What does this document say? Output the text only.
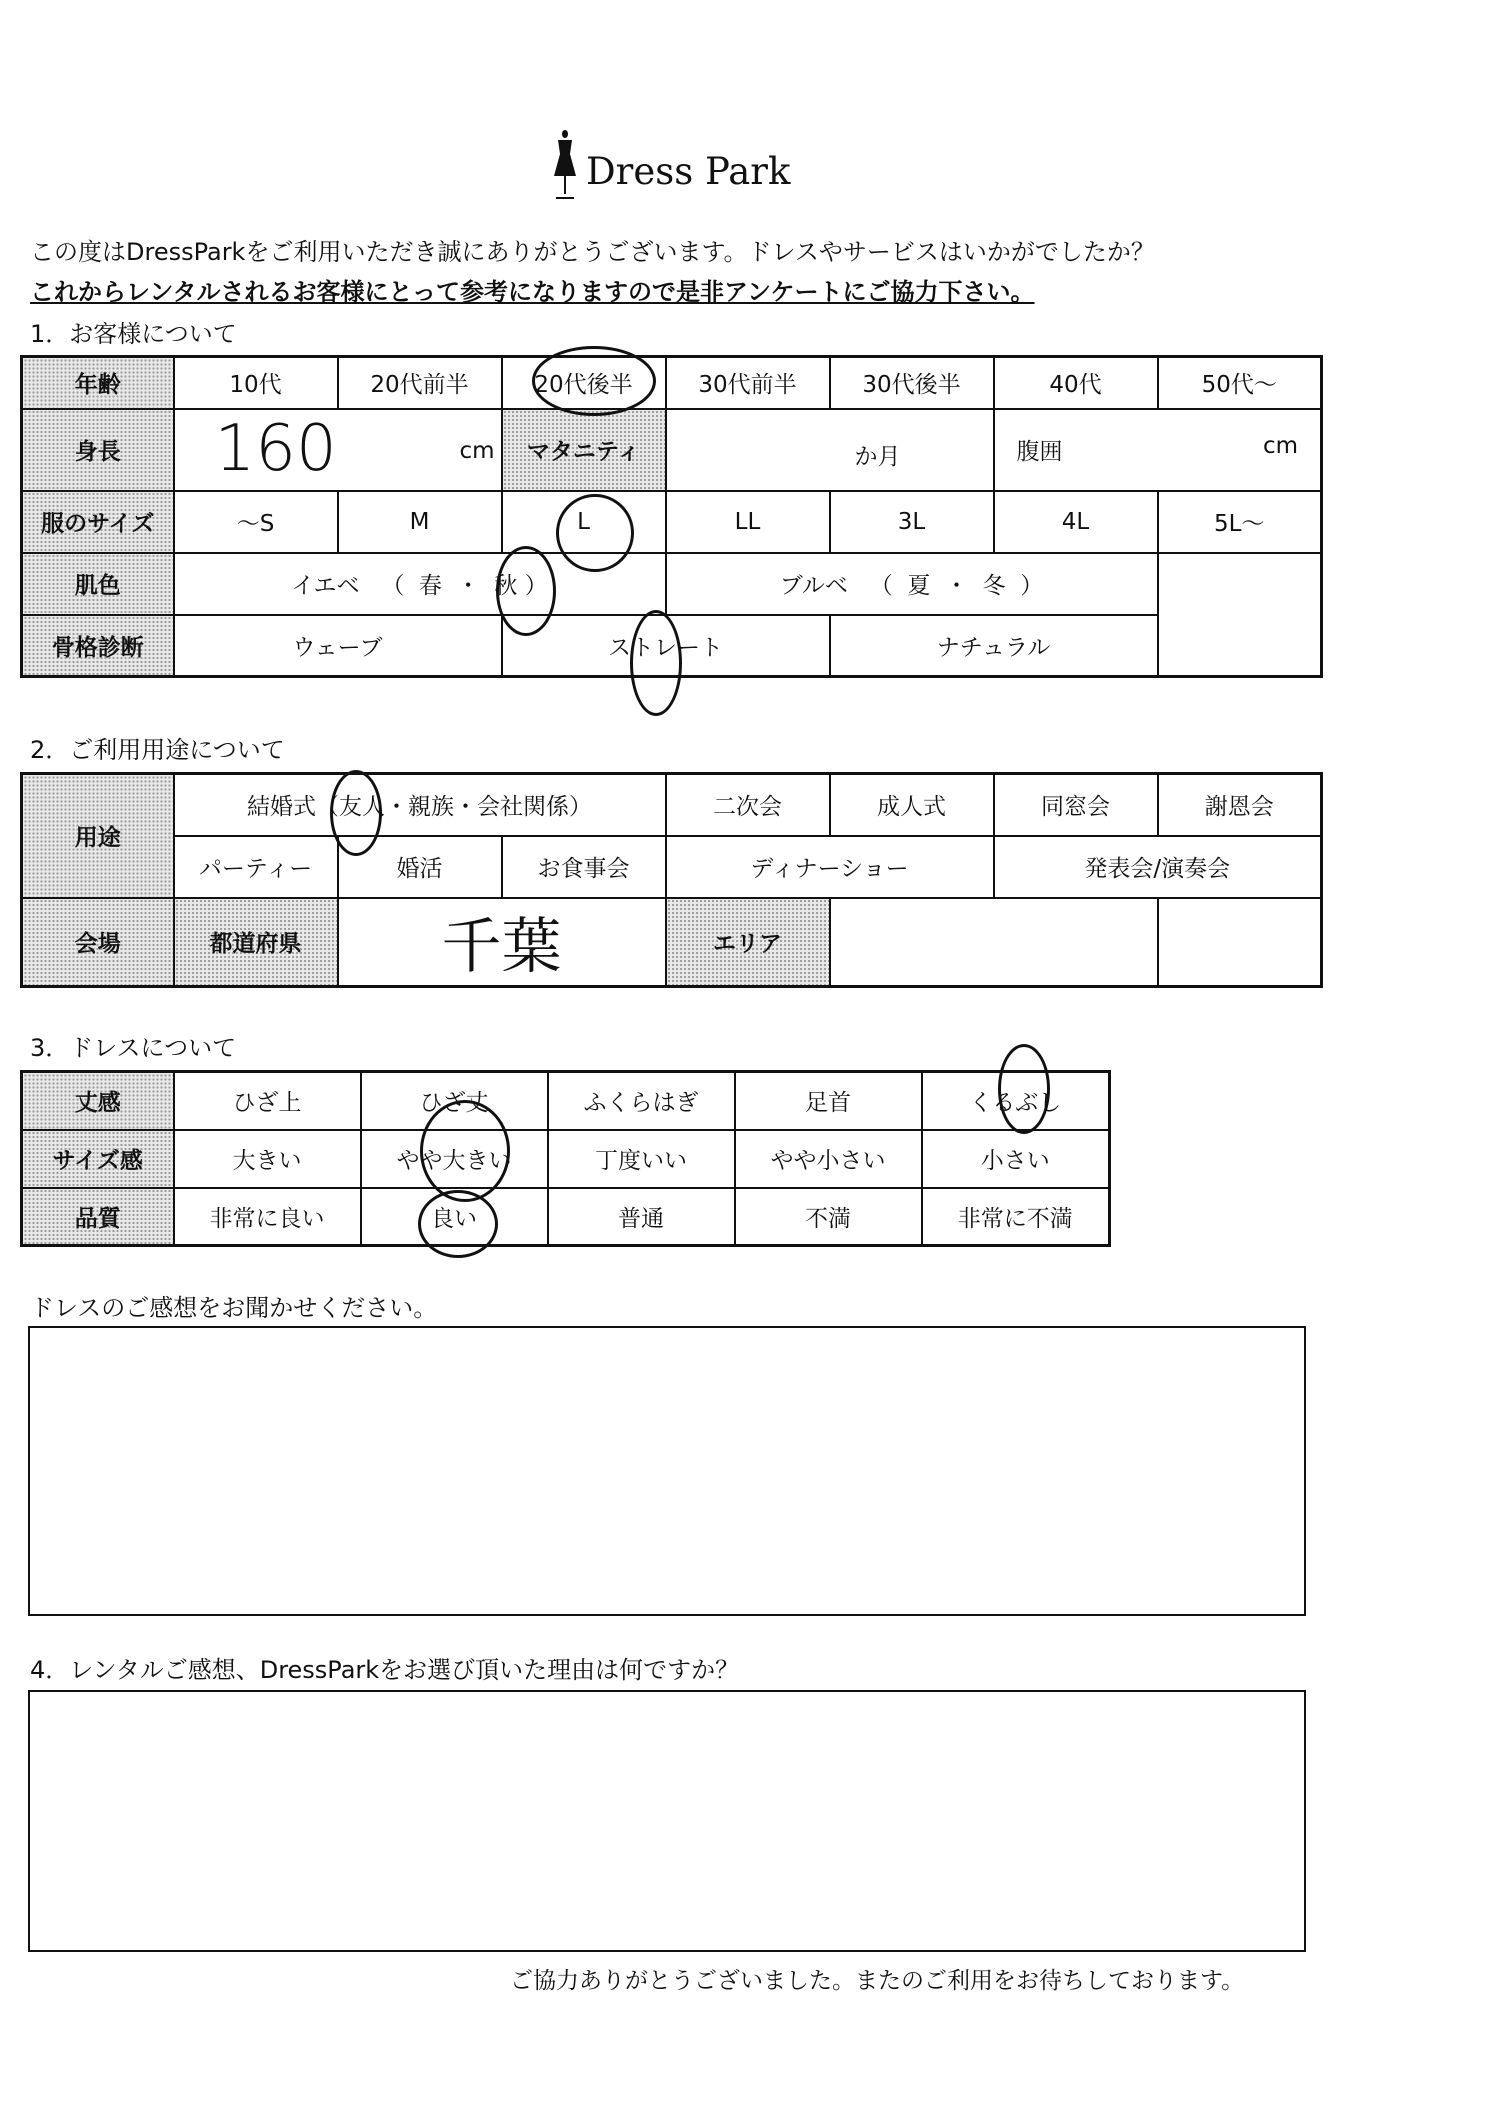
Dress Park
この度はDressParkをご利用いただき誠にありがとうございます。ドレスやサービスはいかがでしたか？
これからレンタルされるお客様にとって参考になりますので是非アンケートにご協力下さい。
1．お客様について
年齢	10代	20代前半	20代後半	30代前半	30代後半	40代	50代〜
身長	160 cm		マタニティ	か月		腹囲 cm	

服のサイズ	〜S	M	L	LL	3L	4L	5L〜
肌色	イエベ （ 春 ・ 秋 ）			ブルベ （ 夏 ・ 冬 ）			
骨格診断	ウェーブ		ストレート		ナチュラル		
2．ご利用用途について
用途	結婚式（友人・親族・会社関係）			二次会	成人式	同窓会	謝恩会
	パーティー	婚活	お食事会	ディナーショー		発表会/演奏会	
会場	都道府県	千葉		エリア			
3．ドレスについて
丈感	ひざ上	ひざ丈	ふくらはぎ	足首	くるぶし
サイズ感	大きい	やや大きい	丁度いい	やや小さい	小さい
品質	非常に良い	良い	普通	不満	非常に不満
ドレスのご感想をお聞かせください。
4．レンタルご感想、DressParkをお選び頂いた理由は何ですか？
ご協力ありがとうございました。またのご利用をお待ちしております。
